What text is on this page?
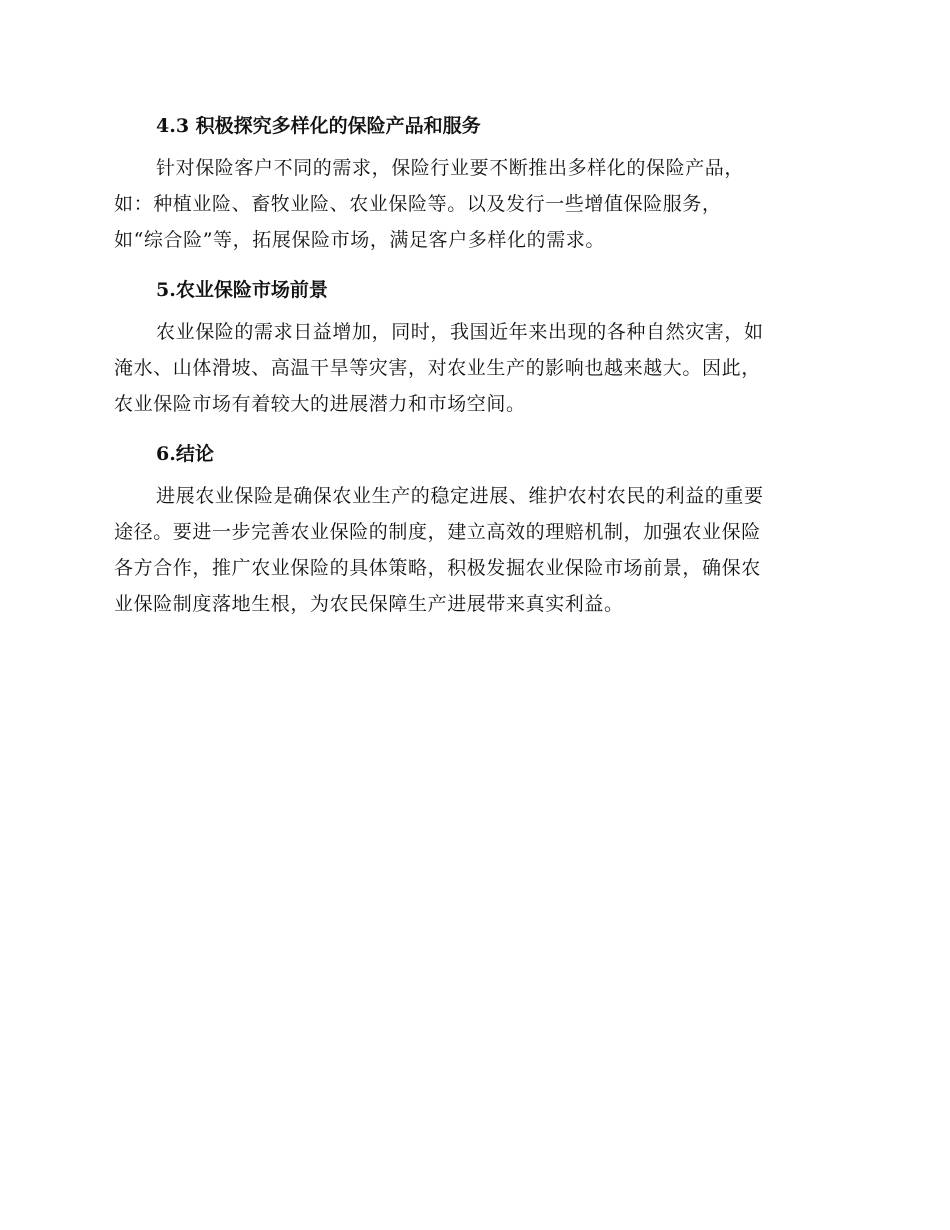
4.3 积极探究多样化的保险产品和服务
针对保险客户不同的需求，保险行业要不断推出多样化的保险产品，
如：种植业险、畜牧业险、农业保险等。以及发行一些增值保险服务，
如“综合险”等，拓展保险市场，满足客户多样化的需求。
5.农业保险市场前景
农业保险的需求日益增加，同时，我国近年来出现的各种自然灾害，如
淹水、山体滑坡、高温干旱等灾害，对农业生产的影响也越来越大。因此，
农业保险市场有着较大的进展潜力和市场空间。
6.结论
进展农业保险是确保农业生产的稳定进展、维护农村农民的利益的重要
途径。要进一步完善农业保险的制度，建立高效的理赔机制，加强农业保险
各方合作，推广农业保险的具体策略，积极发掘农业保险市场前景，确保农
业保险制度落地生根，为农民保障生产进展带来真实利益。
